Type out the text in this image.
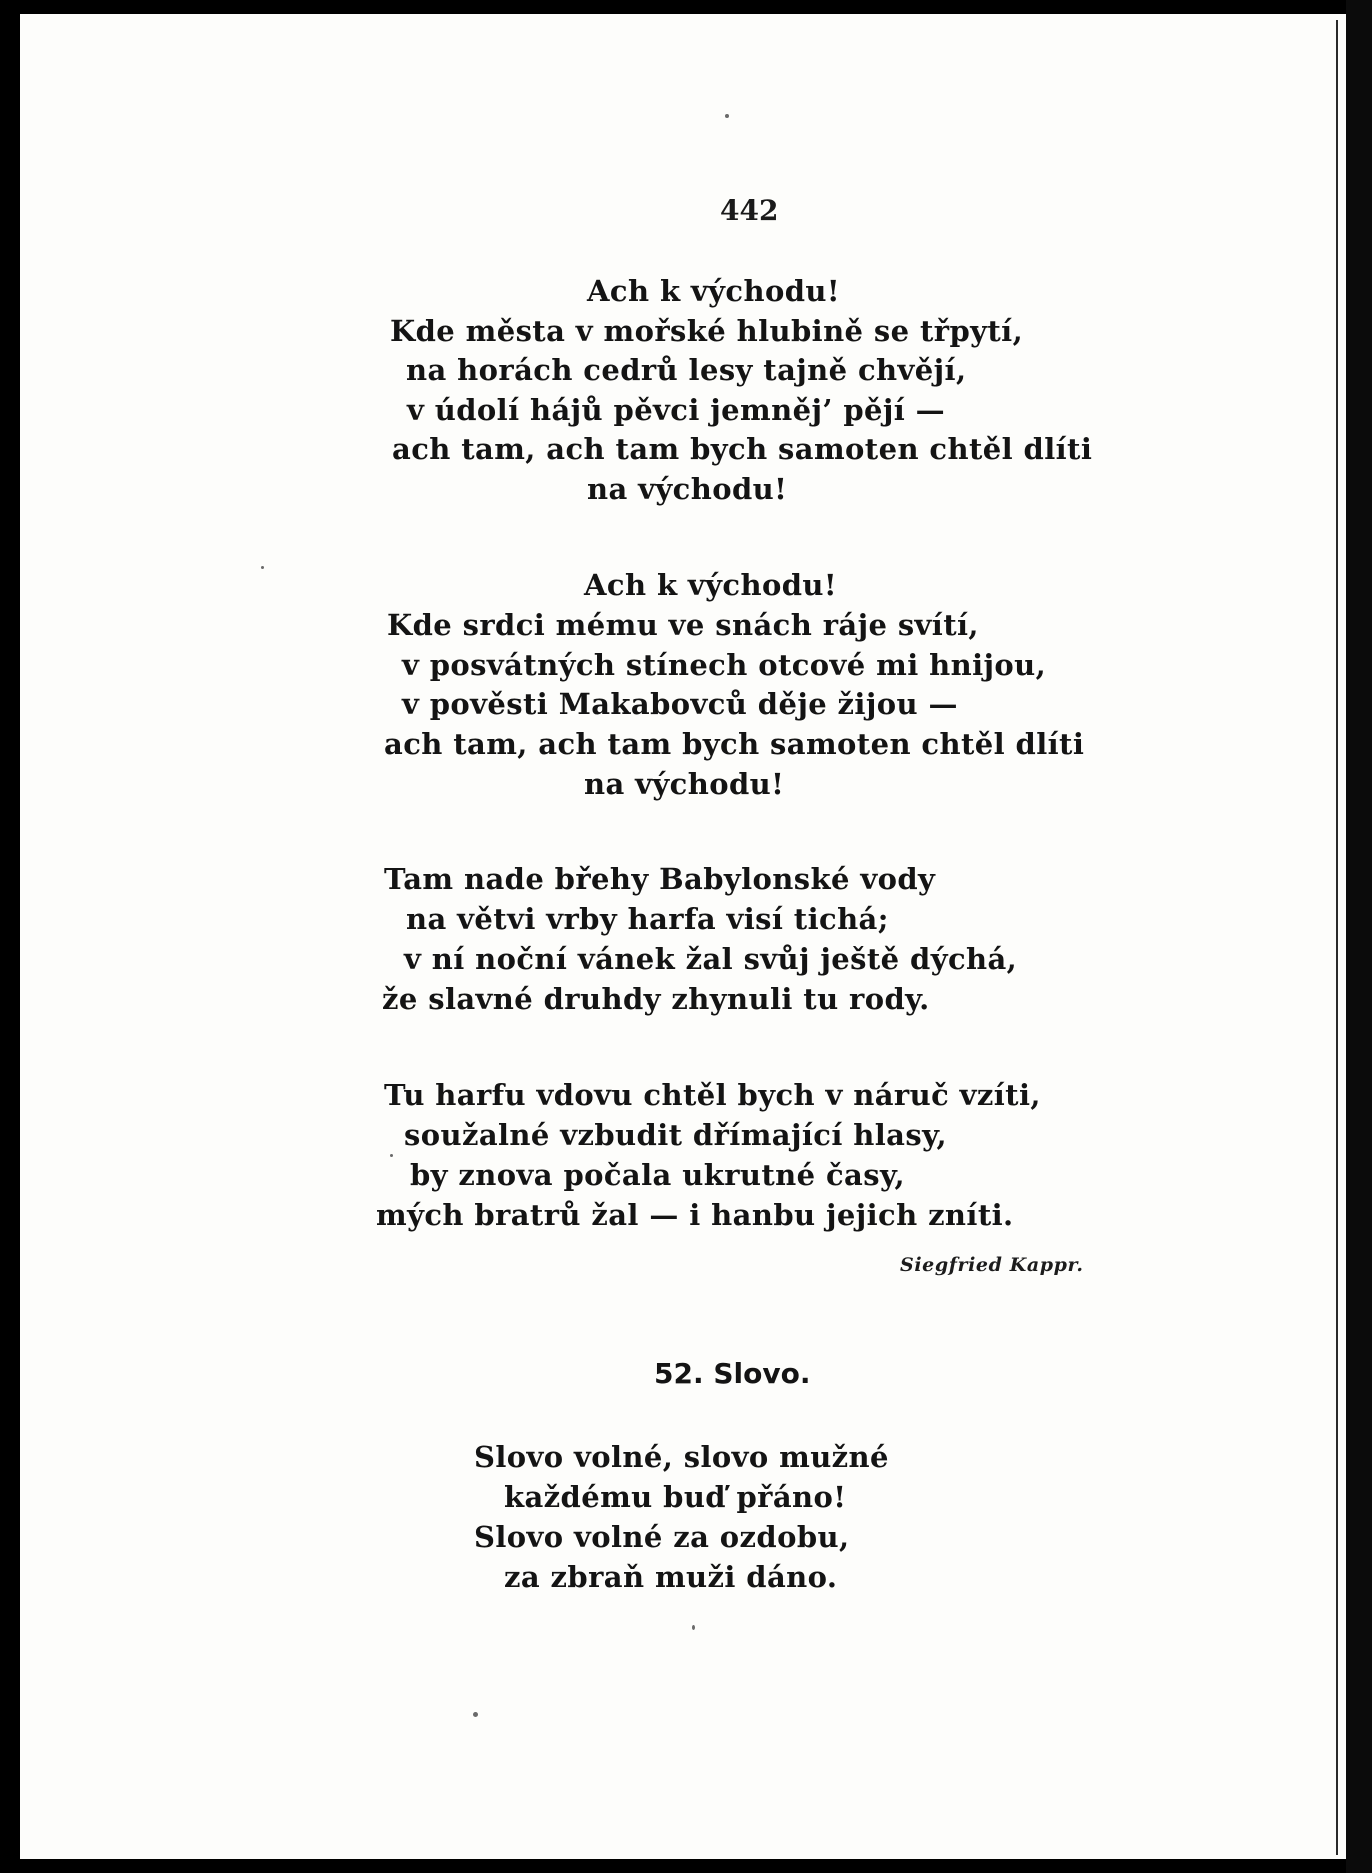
442
Ach k východu!
Kde města v mořské hlubině se třpytí,
na horách cedrů lesy tajně chvějí,
v údolí hájů pěvci jemněj’ pějí —
ach tam, ach tam bych samoten chtěl dlíti
na východu!
Ach k východu!
Kde srdci mému ve snách ráje svítí,
v posvátných stínech otcové mi hnijou,
v pověsti Makabovců děje žijou —
ach tam, ach tam bych samoten chtěl dlíti
na východu!
Tam nade břehy Babylonské vody
na větvi vrby harfa visí tichá;
v ní noční vánek žal svůj ještě dýchá,
že slavné druhdy zhynuli tu rody.
Tu harfu vdovu chtěl bych v náruč vzíti,
soužalné vzbudit dřímající hlasy,
by znova počala ukrutné časy,
mých bratrů žal — i hanbu jejich zníti.
Siegfried Kappr.
52. Slovo.
Slovo volné, slovo mužné
každému buď přáno!
Slovo volné za ozdobu,
za zbraň muži dáno.
